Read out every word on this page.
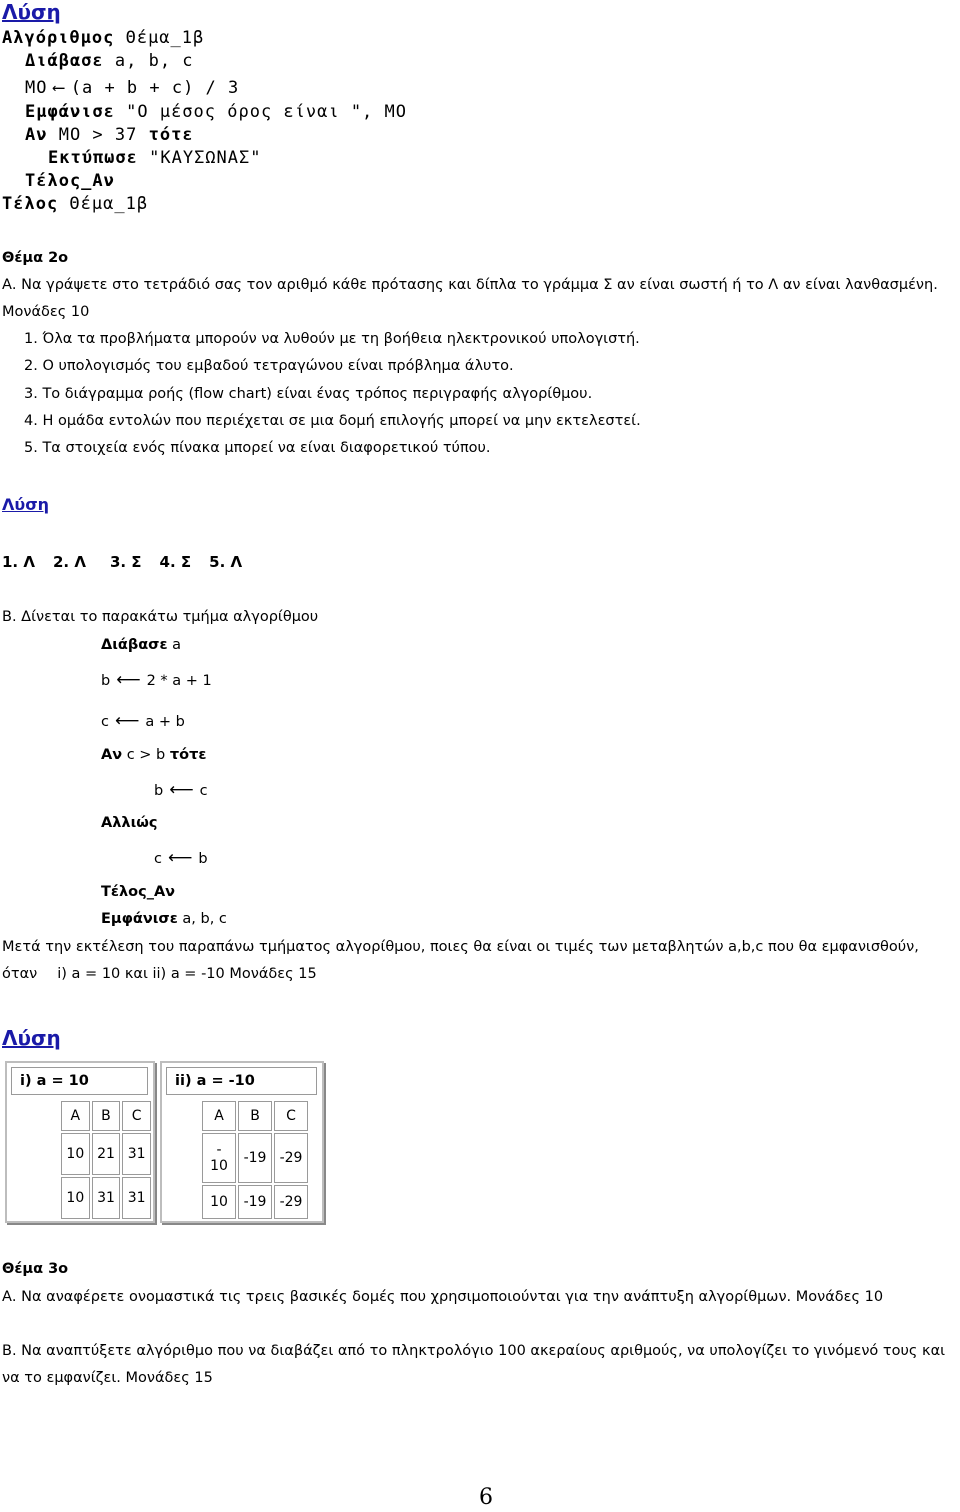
Λύση
Αλγόριθμος Θέμα_1β
Διάβασε a, b, c
MO ⟵ (a + b + c) / 3
Εμφάνισε "Ο μέσος όρος είναι ", MO
Αν MO > 37 τότε
Εκτύπωσε "ΚΑΥΣΩΝΑΣ"
Τέλος_Αν
Τέλος Θέμα_1β
Θέμα 2ο
Α. Να γράψετε στο τετράδιό σας τον αριθμό κάθε πρότασης και δίπλα το γράμμα Σ αν είναι σωστή ή το Λ αν είναι λανθασμένη.
Μονάδες 10
1. Όλα τα προβλήματα μπορούν να λυθούν με τη βοήθεια ηλεκτρονικού υπολογιστή.
2. Ο υπολογισμός του εμβαδού τετραγώνου είναι πρόβλημα άλυτο.
3. Το διάγραμμα ροής (flow chart) είναι ένας τρόπος περιγραφής αλγορίθμου.
4. Η ομάδα εντολών που περιέχεται σε μια δομή επιλογής μπορεί να μην εκτελεστεί.
5. Τα στοιχεία ενός πίνακα μπορεί να είναι διαφορετικού τύπου.
Λύση
1. Λ 2. Λ 3. Σ 4. Σ 5. Λ
Β. Δίνεται το παρακάτω τμήμα αλγορίθμου
Διάβασε a
b ⟵ 2 * a + 1
c ⟵ a + b
Αν c > b τότε
b ⟵ c
Αλλιώς
c ⟵ b
Τέλος_Αν
Εμφάνισε a, b, c
Μετά την εκτέλεση του παραπάνω τμήματος αλγορίθμου, ποιες θα είναι οι τιμές των μεταβλητών a,b,c που θα εμφανισθούν,
όταν i) a = 10 και ii) a = -10 Μονάδες 15
Λύση
i) a = 10
A	B	C
10	21	31
10	31	31
ii) a = -10
A	B	C

-
10	-19	-29
10	-19	-29
Θέμα 3ο
Α. Να αναφέρετε ονομαστικά τις τρεις βασικές δομές που χρησιμοποιούνται για την ανάπτυξη αλγορίθμων. Μονάδες 10
Β. Να αναπτύξετε αλγόριθμο που να διαβάζει από το πληκτρολόγιο 100 ακεραίους αριθμούς, να υπολογίζει το γινόμενό τους και
να το εμφανίζει. Μονάδες 15
6
